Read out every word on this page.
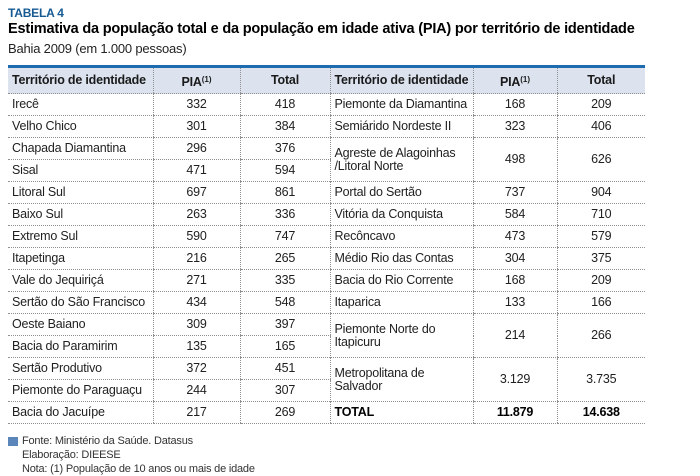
TABELA 4
Estimativa da população total e da população em idade ativa (PIA) por território de identidade
Bahia 2009 (em 1.000 pessoas)
Território de identidade	PIA$^{(1)}$	Total	Território de identidade	PIA$^{(1)}$	Total
Irecê	332	418	Piemonte da Diamantina	168	209
Velho Chico	301	384	Semiárido Nordeste II	323	406
Chapada Diamantina	296	376	Agreste de Alagoinhas /Litoral Norte	498	626
Sisal	471	594			
Litoral Sul	697	861	Portal do Sertão	737	904
Baixo Sul	263	336	Vitória da Conquista	584	710
Extremo Sul	590	747	Recôncavo	473	579
Itapetinga	216	265	Médio Rio das Contas	304	375
Vale do Jequiriçá	271	335	Bacia do Rio Corrente	168	209
Sertão do São Francisco	434	548	Itaparica	133	166
Oeste Baiano	309	397	Piemonte Norte do Itapicuru	214	266
Bacia do Paramirim	135	165			
Sertão Produtivo	372	451	Metropolitana de Salvador	3.129	3.735
Piemonte do Paraguaçu	244	307			
Bacia do Jacuípe	217	269	TOTAL	11.879	14.638
Fonte: Ministério da Saúde. Datasus
Elaboração: DIEESE
Nota: (1) População de 10 anos ou mais de idade
